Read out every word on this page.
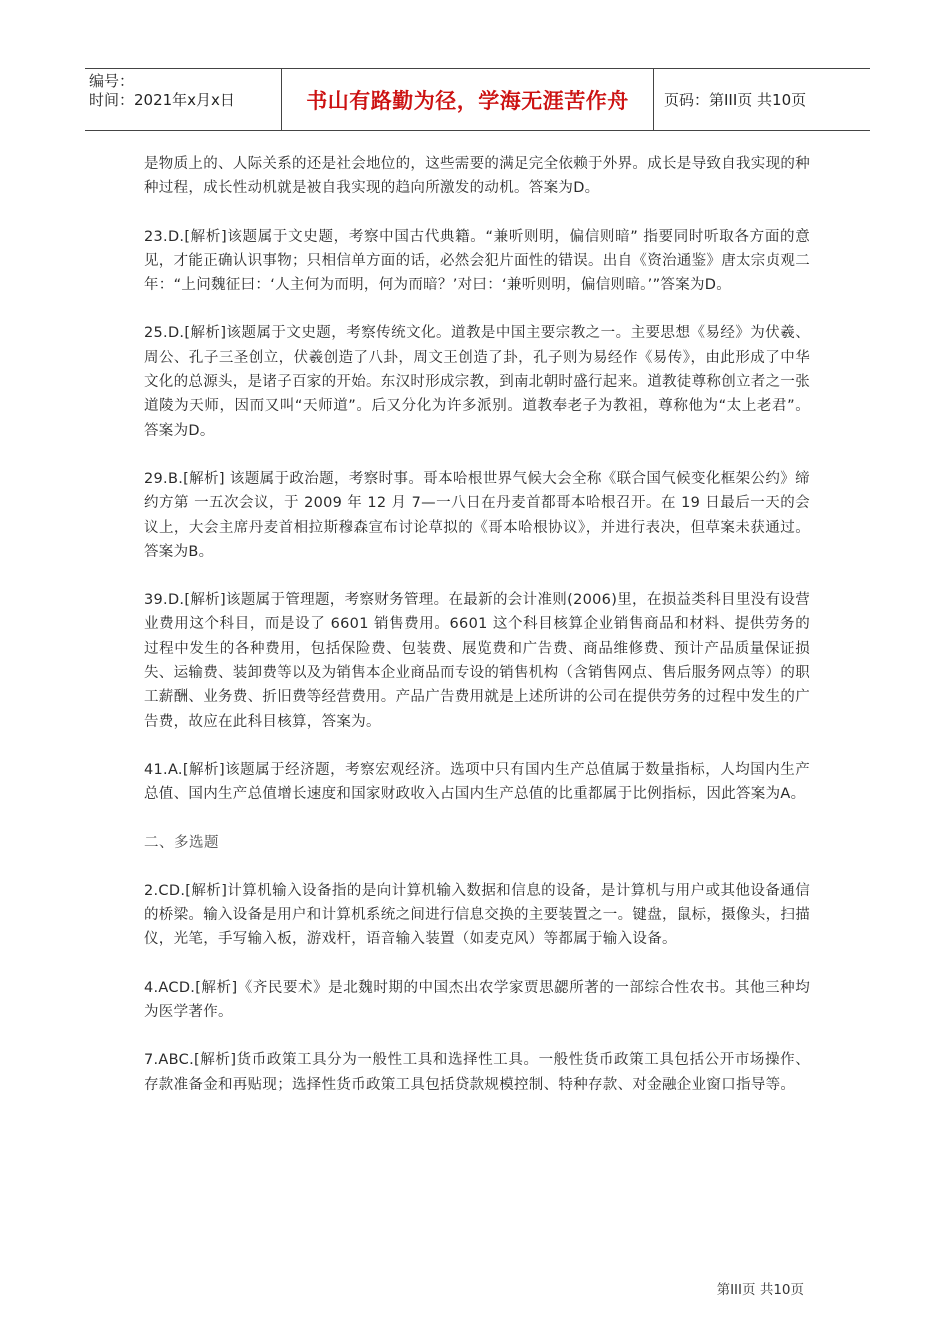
编号：
时间：2021年x月x日	书山有路勤为径，学海无涯苦作舟	页码：第III页 共10页

是物质上的、人际关系的还是社会地位的，这些需要的满足完全依赖于外界。成长是导致自我实现的种种过程，成长性动机就是被自我实现的趋向所激发的动机。答案为D。

23.D.[解析]该题属于文史题，考察中国古代典籍。“兼听则明，偏信则暗” 指要同时听取各方面的意见，才能正确认识事物；只相信单方面的话，必然会犯片面性的错误。出自《资治通鉴》唐太宗贞观二年：“上问魏征曰：‘人主何为而明，何为而暗？’对曰：‘兼听则明，偏信则暗。’”答案为D。

25.D.[解析]该题属于文史题，考察传统文化。道教是中国主要宗教之一。主要思想《易经》为伏羲、周公、孔子三圣创立，伏羲创造了八卦，周文王创造了卦，孔子则为易经作《易传》，由此形成了中华文化的总源头，是诸子百家的开始。东汉时形成宗教，到南北朝时盛行起来。道教徒尊称创立者之一张道陵为天师，因而又叫“天师道”。后又分化为许多派别。道教奉老子为教祖，尊称他为“太上老君”。答案为D。

29.B.[解析] 该题属于政治题，考察时事。哥本哈根世界气候大会全称《联合国气候变化框架公约》缔约方第 一五次会议，于 2009 年 12 月 7—一八日在丹麦首都哥本哈根召开。在 19 日最后一天的会议上，大会主席丹麦首相拉斯穆森宣布讨论草拟的《哥本哈根协议》，并进行表决，但草案未获通过。答案为B。

39.D.[解析]该题属于管理题，考察财务管理。在最新的会计准则(2006)里，在损益类科目里没有设营业费用这个科目，而是设了 6601 销售费用。6601 这个科目核算企业销售商品和材料、提供劳务的过程中发生的各种费用，包括保险费、包装费、展览费和广告费、商品维修费、预计产品质量保证损失、运输费、装卸费等以及为销售本企业商品而专设的销售机构（含销售网点、售后服务网点等）的职工薪酬、业务费、折旧费等经营费用。产品广告费用就是上述所讲的公司在提供劳务的过程中发生的广告费，故应在此科目核算，答案为。

41.A.[解析]该题属于经济题，考察宏观经济。选项中只有国内生产总值属于数量指标，人均国内生产总值、国内生产总值增长速度和国家财政收入占国内生产总值的比重都属于比例指标，因此答案为A。

二、多选题

2.CD.[解析]计算机输入设备指的是向计算机输入数据和信息的设备，是计算机与用户或其他设备通信的桥梁。输入设备是用户和计算机系统之间进行信息交换的主要装置之一。键盘，鼠标，摄像头，扫描仪，光笔，手写输入板，游戏杆，语音输入装置（如麦克风）等都属于输入设备。

4.ACD.[解析]《齐民要术》是北魏时期的中国杰出农学家贾思勰所著的一部综合性农书。其他三种均为医学著作。

7.ABC.[解析]货币政策工具分为一般性工具和选择性工具。一般性货币政策工具包括公开市场操作、存款准备金和再贴现；选择性货币政策工具包括贷款规模控制、特种存款、对金融企业窗口指导等。

第III页 共10页
